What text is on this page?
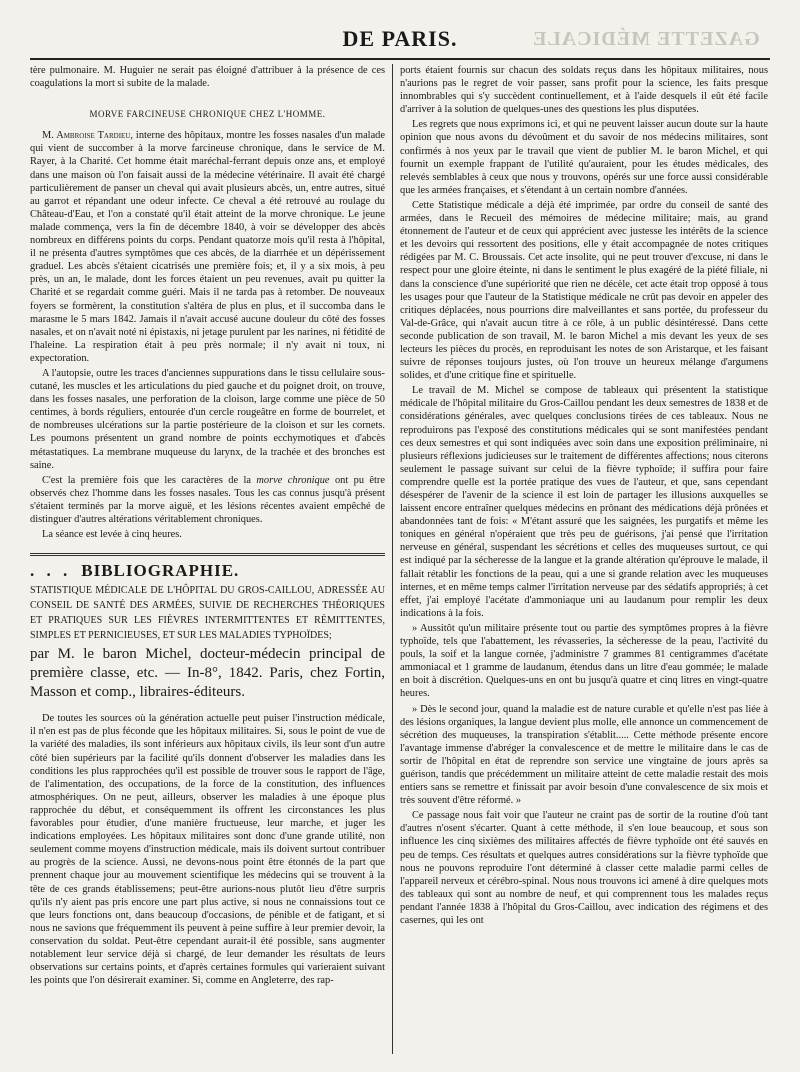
GAZETTE MÉDICALE
DE PARIS.

tère pulmonaire. M. Huguier ne serait pas éloigné d'attribuer à la présence de ces coagulations la mort si subite de la malade.

MORVE FARCINEUSE CHRONIQUE CHEZ L'HOMME.

M. Ambroise Tardieu, interne des hôpitaux, montre les fosses nasales d'un malade qui vient de succomber à la morve farcineuse chronique, dans le service de M. Rayer, à la Charité. Cet homme était maréchal-ferrant depuis onze ans, et employé dans une maison où l'on faisait aussi de la médecine vétérinaire. Il avait été chargé particulièrement de panser un cheval qui avait plusieurs abcès, un, entre autres, situé au garrot et répandant une odeur infecte. Ce cheval a été retrouvé au roulage du Château-d'Eau, et l'on a constaté qu'il était atteint de la morve chronique. Le jeune malade commença, vers la fin de décembre 1840, à voir se développer des abcès nombreux en différens points du corps. Pendant quatorze mois qu'il resta à l'hôpital, il ne présenta d'autres symptômes que ces abcès, de la diarrhée et un dépérissement graduel. Les abcès s'étaient cicatrisés une première fois; et, il y a six mois, à peu près, un an, le malade, dont les forces étaient un peu revenues, avait pu quitter la Charité et se regardait comme guéri. Mais il ne tarda pas à retomber. De nouveaux foyers se formèrent, la constitution s'altéra de plus en plus, et il succomba dans le marasme le 5 mars 1842. Jamais il n'avait accusé aucune douleur du côté des fosses nasales, et on n'avait noté ni épistaxis, ni jetage purulent par les narines, ni fétidité de l'haleine. La respiration était à peu près normale; il n'y avait ni toux, ni expectoration.

A l'autopsie, outre les traces d'anciennes suppurations dans le tissu cellulaire sous-cutané, les muscles et les articulations du pied gauche et du poignet droit, on trouve, dans les fosses nasales, une perforation de la cloison, large comme une pièce de 50 centimes, à bords réguliers, entourée d'un cercle rougeâtre en forme de bourrelet, et de nombreuses ulcérations sur la partie postérieure de la cloison et sur les cornets. Les poumons présentent un grand nombre de points ecchymotiques et d'abcès métastatiques. La membrane muqueuse du larynx, de la trachée et des bronches est saine.

C'est la première fois que les caractères de la morve chronique ont pu être observés chez l'homme dans les fosses nasales. Tous les cas connus jusqu'à présent s'étaient terminés par la morve aiguë, et les lésions récentes avaient empêché de distinguer d'autres altérations véritablement chroniques.

La séance est levée à cinq heures.

. . . BIBLIOGRAPHIE.

STATISTIQUE MÉDICALE DE L'HÔPITAL DU GROS-CAILLOU, ADRESSÉE AU CONSEIL DE SANTÉ DES ARMÉES, SUIVIE DE RECHERCHES THÉORIQUES ET PRATIQUES SUR LES FIÈVRES INTERMITTENTES ET RÉMITTENTES, SIMPLES ET PERNICIEUSES, ET SUR LES MALADIES TYPHOÏDES;

par M. le baron Michel, docteur-médecin principal de première classe, etc. — In-8°, 1842. Paris, chez Fortin, Masson et comp., libraires-éditeurs.

De toutes les sources où la génération actuelle peut puiser l'instruction médicale, il n'en est pas de plus féconde que les hôpitaux militaires. Si, sous le point de vue de la variété des maladies, ils sont inférieurs aux hôpitaux civils, ils leur sont d'un autre côté bien supérieurs par la facilité qu'ils donnent d'observer les maladies dans les conditions les plus rapprochées qu'il est possible de trouver sous le rapport de l'âge, de l'alimentation, des occupations, de la force de la constitution, des influences atmosphériques. On ne peut, ailleurs, observer les maladies à une époque plus rapprochée du début, et conséquemment ils offrent les circonstances les plus favorables pour étudier, d'une manière fructueuse, leur marche, et juger les indications employées. Les hôpitaux militaires sont donc d'une grande utilité, non seulement comme moyens d'instruction médicale, mais ils doivent surtout contribuer au progrès de la science. Aussi, ne devons-nous point être étonnés de la part que prennent chaque jour au mouvement scientifique les médecins qui se trouvent à la tête de ces grands établissemens; peut-être aurions-nous plutôt lieu d'être surpris qu'ils n'y aient pas pris encore une part plus active, si nous ne connaissions tout ce que leurs fonctions ont, dans beaucoup d'occasions, de pénible et de fatigant, et si nous ne savions que fréquemment ils peuvent à peine suffire à leur premier devoir, la conservation du soldat. Peut-être cependant aurait-il été possible, sans augmenter notablement leur service déjà si chargé, de leur demander les résultats de leurs observations sur certains points, et d'après certaines formules qui varieraient suivant les points que l'on désirerait examiner. Si, comme en Angleterre, des rap-

ports étaient fournis sur chacun des soldats reçus dans les hôpitaux militaires, nous n'aurions pas le regret de voir passer, sans profit pour la science, les faits presque innombrables qui s'y succèdent continuellement, et à l'aide desquels il eût été facile d'arriver à la solution de quelques-unes des questions les plus disputées.

Les regrets que nous exprimons ici, et qui ne peuvent laisser aucun doute sur la haute opinion que nous avons du dévoûment et du savoir de nos médecins militaires, sont confirmés à nos yeux par le travail que vient de publier M. le baron Michel, et qui fournit un exemple frappant de l'utilité qu'auraient, pour les études médicales, des relevés semblables à ceux que nous y trouvons, opérés sur une force aussi considérable que les armées françaises, et s'étendant à un certain nombre d'années.

Cette Statistique médicale a déjà été imprimée, par ordre du conseil de santé des armées, dans le Recueil des mémoires de médecine militaire; mais, au grand étonnement de l'auteur et de ceux qui apprécient avec justesse les intérêts de la science et les devoirs qui ressortent des positions, elle y était accompagnée de notes critiques rédigées par M. C. Broussais. Cet acte insolite, qui ne peut trouver d'excuse, ni dans le respect pour une gloire éteinte, ni dans le sentiment le plus exagéré de la piété filiale, ni dans la conscience d'une supériorité que rien ne décèle, cet acte était trop opposé à tous les usages pour que l'auteur de la Statistique médicale ne crût pas devoir en appeler des critiques déplacées, nous pourrions dire malveillantes et sans portée, du professeur du Val-de-Grâce, qui n'avait aucun titre à ce rôle, à un public désintéressé. Dans cette seconde publication de son travail, M. le baron Michel a mis devant les yeux de ses lecteurs les pièces du procès, en reproduisant les notes de son Aristarque, et les faisant suivre de réponses toujours justes, où l'on trouve un heureux mélange d'argumens solides, et d'une critique fine et spirituelle.

Le travail de M. Michel se compose de tableaux qui présentent la statistique médicale de l'hôpital militaire du Gros-Caillou pendant les deux semestres de 1838 et de considérations générales, avec quelques conclusions tirées de ces tableaux. Nous ne reproduirons pas l'exposé des constitutions médicales qui se sont manifestées pendant ces deux semestres et qui sont indiquées avec soin dans une exposition préliminaire, ni plusieurs réflexions judicieuses sur le traitement de différentes affections; nous citerons seulement le passage suivant sur celui de la fièvre typhoïde; il suffira pour faire comprendre quelle est la portée pratique des vues de l'auteur, et que, sans cependant désespérer de l'avenir de la science il est loin de partager les illusions auxquelles se laissent encore entraîner quelques médecins en prônant des médications déjà prônées et abandonnées tant de fois: « M'étant assuré que les saignées, les purgatifs et même les toniques en général n'opéraient que très peu de guérisons, j'ai pensé que l'irritation nerveuse en général, suspendant les sécrétions et celles des muqueuses surtout, ce qui est indiqué par la sécheresse de la langue et la grande altération qu'éprouve le malade, il fallait rétablir les fonctions de la peau, qui a une si grande relation avec les muqueuses internes, et en même temps calmer l'irritation nerveuse par des sédatifs appropriés; à cet effet, j'ai employé l'acétate d'ammoniaque uni au laudanum pour remplir les deux indications à la fois.

» Aussitôt qu'un militaire présente tout ou partie des symptômes propres à la fièvre typhoïde, tels que l'abattement, les révasseries, la sécheresse de la peau, l'activité du pouls, la soif et la langue cornée, j'administre 7 grammes 81 centigrammes d'acétate ammoniacal et 1 gramme de laudanum, étendus dans un litre d'eau gommée; le malade en boit à discrétion. Quelques-uns en ont bu jusqu'à quatre et cinq litres en vingt-quatre heures.

» Dès le second jour, quand la maladie est de nature curable et qu'elle n'est pas liée à des lésions organiques, la langue devient plus molle, elle annonce un commencement de sécrétion des muqueuses, la transpiration s'établit..... Cette méthode présente encore l'avantage immense d'abréger la convalescence et de mettre le militaire dans le cas de sortir de l'hôpital en état de reprendre son service une vingtaine de jours après sa guérison, tandis que précédemment un militaire atteint de cette maladie restait des mois entiers sans se remettre et finissait par avoir besoin d'une convalescence de six mois et très souvent d'être réformé. »

Ce passage nous fait voir que l'auteur ne craint pas de sortir de la routine d'où tant d'autres n'osent s'écarter. Quant à cette méthode, il s'en loue beaucoup, et sous son influence les cinq sixièmes des militaires affectés de fièvre typhoïde ont été sauvés en peu de temps. Ces résultats et quelques autres considérations sur la fièvre typhoïde que nous ne pouvons reproduire l'ont déterminé à classer cette maladie parmi celles de l'appareil nerveux et cérébro-spinal. Nous nous trouvons ici amené à dire quelques mots des tableaux qui sont au nombre de neuf, et qui comprennent tous les malades reçus pendant l'année 1838 à l'hôpital du Gros-Caillou, avec indication des régimens et des casernes, qui les ont
